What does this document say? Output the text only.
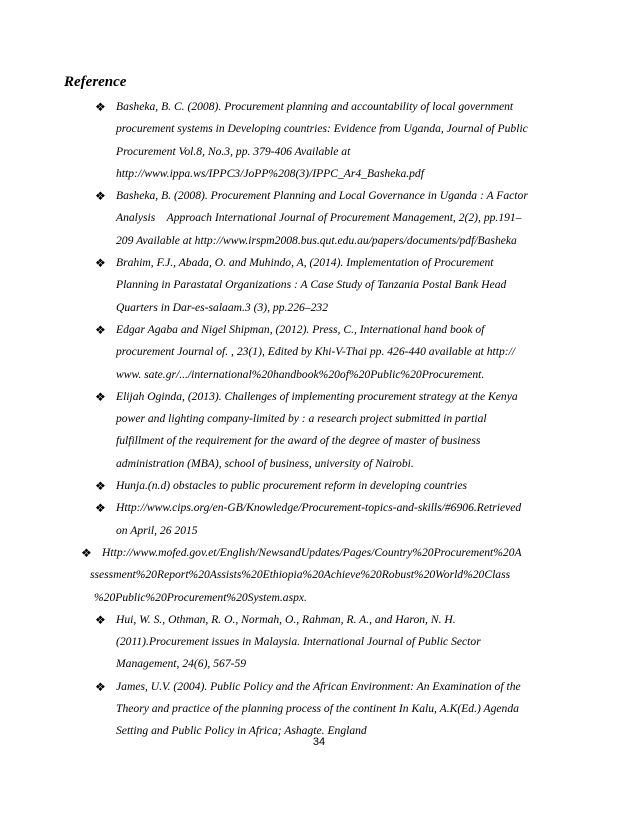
Reference
❖ Basheka, B. C. (2008). Procurement planning and accountability of local government
procurement systems in Developing countries: Evidence from Uganda, Journal of Public
Procurement Vol.8, No.3, pp. 379-406 Available at
http://www.ippa.ws/IPPC3/JoPP%208(3)/IPPC_Ar4_Basheka.pdf
❖ Basheka, B. (2008). Procurement Planning and Local Governance in Uganda : A Factor
Analysis    Approach International Journal of Procurement Management, 2(2), pp.191–
209 Available at http://www.irspm2008.bus.qut.edu.au/papers/documents/pdf/Basheka
❖ Brahim, F.J., Abada, O. and Muhindo, A, (2014). Implementation of Procurement
Planning in Parastatal Organizations : A Case Study of Tanzania Postal Bank Head
Quarters in Dar-es-salaam.3 (3), pp.226–232
❖ Edgar Agaba and Nigel Shipman, (2012). Press, C., International hand book of
procurement Journal of. , 23(1), Edited by Khi-V-Thai pp. 426-440 available at http://
www. sate.gr/.../international%20handbook%20of%20Public%20Procurement.
❖ Elijah Oginda, (2013). Challenges of implementing procurement strategy at the Kenya
power and lighting company-limited by : a research project submitted in partial
fulfillment of the requirement for the award of the degree of master of business
administration (MBA), school of business, university of Nairobi.
❖ Hunja.(n.d) obstacles to public procurement reform in developing countries
❖ Http://www.cips.org/en-GB/Knowledge/Procurement-topics-and-skills/#6906.Retrieved
on April, 26 2015
❖ Http://www.mofed.gov.et/English/NewsandUpdates/Pages/Country%20Procurement%20A
ssessment%20Report%20Assists%20Ethiopia%20Achieve%20Robust%20World%20Class
%20Public%20Procurement%20System.aspx.
❖ Hui, W. S., Othman, R. O., Normah, O., Rahman, R. A., and Haron, N. H.
(2011).Procurement issues in Malaysia. International Journal of Public Sector
Management, 24(6), 567-59
❖ James, U.V. (2004). Public Policy and the African Environment: An Examination of the
Theory and practice of the planning process of the continent In Kalu, A.K(Ed.) Agenda
Setting and Public Policy in Africa; Ashagte. England
34
